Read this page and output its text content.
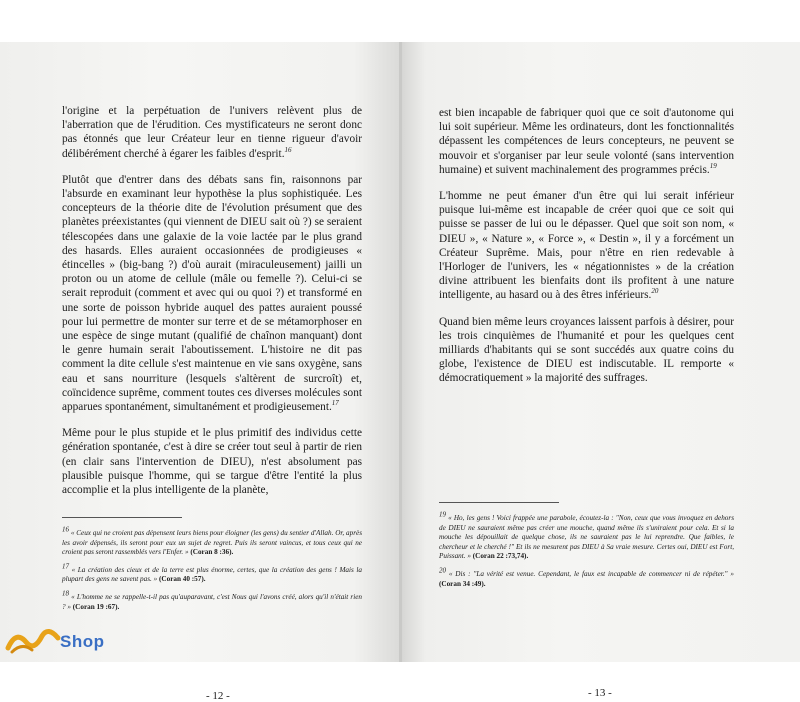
l'origine et la perpétuation de l'univers relèvent plus de l'aberration que de l'érudition. Ces mystificateurs ne seront donc pas étonnés que leur Créateur leur en tienne rigueur d'avoir délibérément cherché à égarer les faibles d'esprit.$^{16}$

Plutôt que d'entrer dans des débats sans fin, raisonnons par l'absurde en examinant leur hypothèse la plus sophistiquée. Les concepteurs de la théorie dite de l'évolution présument que des planètes préexistantes (qui viennent de DIEU sait où ?) se seraient télescopées dans une galaxie de la voie lactée par le plus grand des hasards. Elles auraient occasionnées de prodigieuses « étincelles » (big-bang ?) d'où aurait (miraculeusement) jailli un proton ou un atome de cellule (mâle ou femelle ?). Celui-ci se serait reproduit (comment et avec qui ou quoi ?) et transformé en une sorte de poisson hybride auquel des pattes auraient poussé pour lui permettre de monter sur terre et de se métamorphoser en une espèce de singe mutant (qualifié de chaînon manquant) dont le genre humain serait l'aboutissement. L'histoire ne dit pas comment la dite cellule s'est maintenue en vie sans oxygène, sans eau et sans nourriture (lesquels s'altèrent de surcroît) et, coïncidence suprême, comment toutes ces diverses molécules sont apparues spontanément, simultanément et prodigieusement.$^{17}$

Même pour le plus stupide et le plus primitif des individus cette génération spontanée, c'est à dire se créer tout seul à partir de rien (en clair sans l'intervention de DIEU), n'est absolument pas plausible puisque l'homme, qui se targue d'être l'entité la plus accomplie et la plus intelligente de la planète,

$^{16}$ « Ceux qui ne croient pas dépensent leurs biens pour éloigner (les gens) du sentier d'Allah. Or, après les avoir dépensés, ils seront pour eux un sujet de regret. Puis ils seront vaincus, et tous ceux qui ne croient pas seront rassemblés vers l'Enfer. » (Coran 8 :36).
$^{17}$ « La création des cieux et de la terre est plus énorme, certes, que la création des gens ! Mais la plupart des gens ne savent pas. » (Coran 40 :57).
$^{18}$ « L'homme ne se rappelle-t-il pas qu'auparavant, c'est Nous qui l'avons créé, alors qu'il n'était rien ? » (Coran 19 :67).
- 12 -

est bien incapable de fabriquer quoi que ce soit d'autonome qui lui soit supérieur. Même les ordinateurs, dont les fonctionnalités dépassent les compétences de leurs concepteurs, ne peuvent se mouvoir et s'organiser par leur seule volonté (sans intervention humaine) et suivent machinalement des programmes précis.$^{19}$

L'homme ne peut émaner d'un être qui lui serait inférieur puisque lui-même est incapable de créer quoi que ce soit qui puisse se passer de lui ou le dépasser. Quel que soit son nom, « DIEU », « Nature », « Force », « Destin », il y a forcément un Créateur Suprême. Mais, pour n'être en rien redevable à l'Horloger de l'univers, les « négationnistes » de la création divine attribuent les bienfaits dont ils profitent à une nature intelligente, au hasard ou à des êtres inférieurs.$^{20}$

Quand bien même leurs croyances laissent parfois à désirer, pour les trois cinquièmes de l'humanité et pour les quelques cent milliards d'habitants qui se sont succédés aux quatre coins du globe, l'existence de DIEU est indiscutable. IL remporte « démocratiquement » la majorité des suffrages.

$^{19}$ « Ho, les gens ! Voici frappée une parabole, écoutez-la : "Non, ceux que vous invoquez en dehors de DIEU ne sauraient même pas créer une mouche, quand même ils s'uniraient pour cela. Et si la mouche les dépouillait de quelque chose, ils ne sauraient pas le lui reprendre. Que faibles, le chercheur et le cherché !" Et ils ne mesurent pas DIEU à Sa vraie mesure. Certes oui, DIEU est Fort, Puissant. » (Coran 22 :73,74).
$^{20}$ « Dis : "La vérité est venue. Cependant, le faux est incapable de commencer ni de répéter." » (Coran 34 :49).
- 13 -
Shop
